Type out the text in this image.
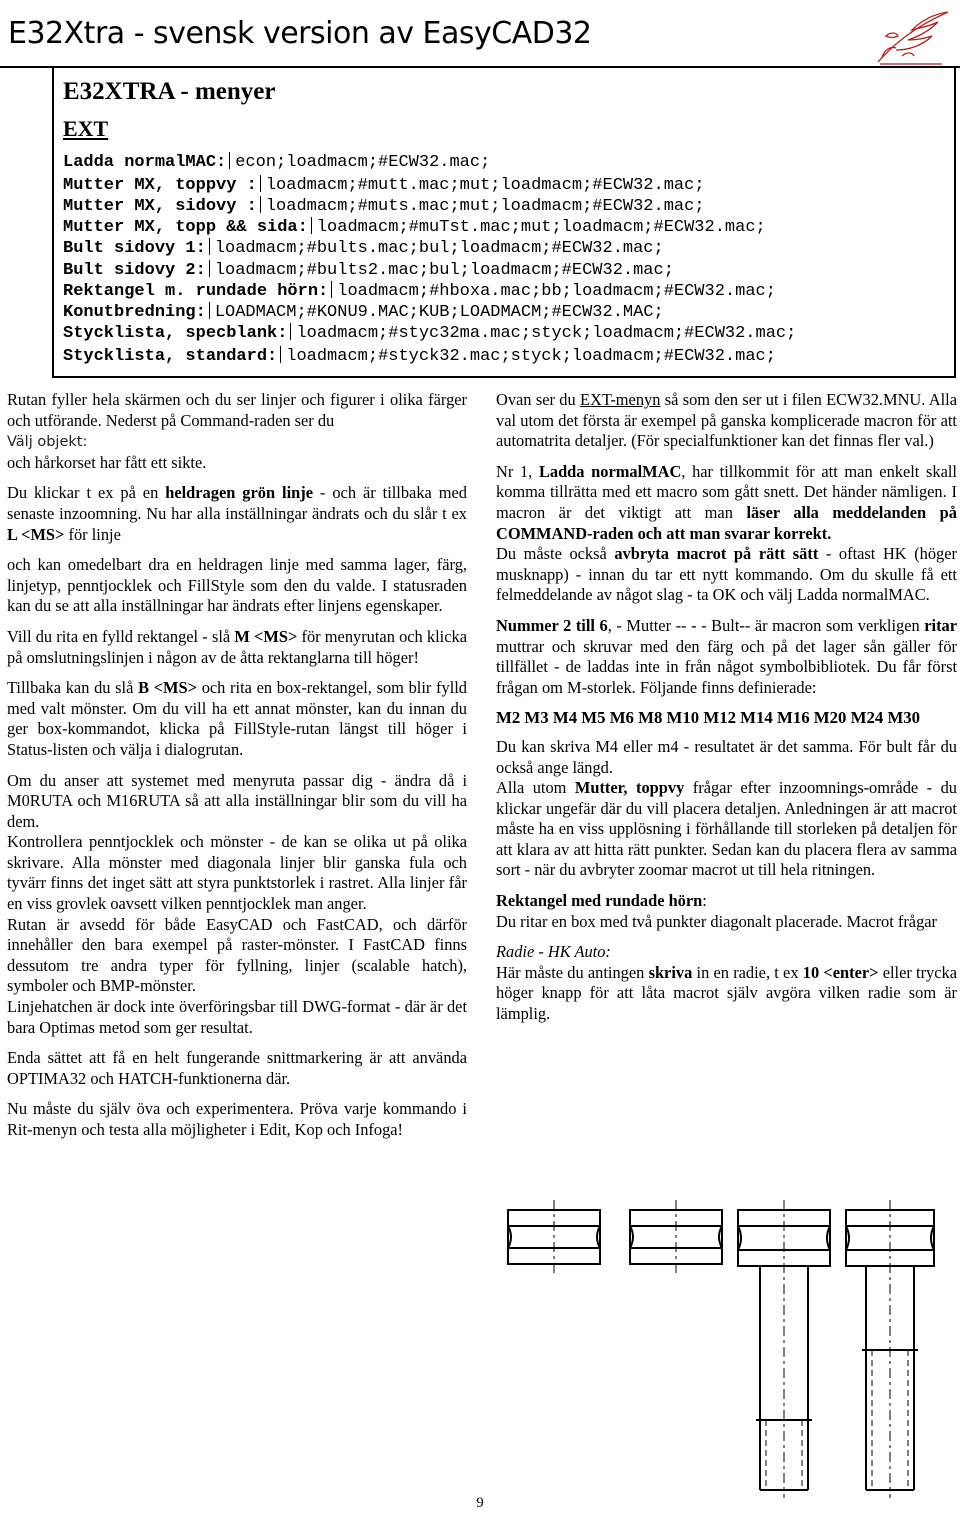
E32Xtra - svensk version av EasyCAD32
E32XTRA - menyer
EXT
Ladda normalMAC: econ;loadmacm;#ECW32.mac;
Mutter MX, toppvy : loadmacm;#mutt.mac;mut;loadmacm;#ECW32.mac;
Mutter MX, sidovy : loadmacm;#muts.mac;mut;loadmacm;#ECW32.mac;
Mutter MX, topp && sida: loadmacm;#muTst.mac;mut;loadmacm;#ECW32.mac;
Bult sidovy 1: loadmacm;#bults.mac;bul;loadmacm;#ECW32.mac;
Bult sidovy 2: loadmacm;#bults2.mac;bul;loadmacm;#ECW32.mac;
Rektangel m. rundade hörn: loadmacm;#hboxa.mac;bb;loadmacm;#ECW32.mac;
Konutbredning: LOADMACM;#KONU9.MAC;KUB;LOADMACM;#ECW32.MAC;
Stycklista, specblank: loadmacm;#styc32ma.mac;styck;loadmacm;#ECW32.mac;
Stycklista, standard: loadmacm;#styck32.mac;styck;loadmacm;#ECW32.mac;

Rutan fyller hela skärmen och du ser linjer och figurer i olika färger och utförande. Nederst på Command-raden ser du

Välj objekt:

och hårkorset har fått ett sikte.

Du klickar t ex på en heldragen grön linje - och är tillbaka med senaste inzoomning. Nu har alla inställningar ändrats och du slår t ex L <MS> för linje

och kan omedelbart dra en heldragen linje med samma lager, färg, linjetyp, penntjocklek och FillStyle som den du valde. I statusraden kan du se att alla inställningar har ändrats efter linjens egenskaper.

Vill du rita en fylld rektangel - slå M <MS> för menyrutan och klicka på omslutningslinjen i någon av de åtta rektanglarna till höger!

Tillbaka kan du slå B <MS> och rita en box-rektangel, som blir fylld med valt mönster. Om du vill ha ett annat mönster, kan du innan du ger box-kommandot, klicka på FillStyle-rutan längst till höger i Status-listen och välja i dialogrutan.

Om du anser att systemet med menyruta passar dig - ändra då i M0RUTA och M16RUTA så att alla inställningar blir som du vill ha dem.

Kontrollera penntjocklek och mönster - de kan se olika ut på olika skrivare. Alla mönster med diagonala linjer blir ganska fula och tyvärr finns det inget sätt att styra punktstorlek i rastret. Alla linjer får en viss grovlek oavsett vilken penntjocklek man anger.

Rutan är avsedd för både EasyCAD och FastCAD, och därför innehåller den bara exempel på raster-mönster. I FastCAD finns dessutom tre andra typer för fyllning, linjer (scalable hatch), symboler och BMP-mönster.

Linjehatchen är dock inte överföringsbar till DWG-format - där är det bara Optimas metod som ger resultat.

Enda sättet att få en helt fungerande snittmarkering är att använda OPTIMA32 och HATCH-funktionerna där.

Nu måste du själv öva och experimentera. Pröva varje kommando i Rit-menyn och testa alla möjligheter i Edit, Kop och Infoga!

Ovan ser du EXT-menyn så som den ser ut i filen ECW32.MNU. Alla val utom det första är exempel på ganska komplicerade macron för att automatrita detaljer. (För specialfunktioner kan det finnas fler val.)

Nr 1, Ladda normalMAC, har tillkommit för att man enkelt skall komma tillrätta med ett macro som gått snett. Det händer nämligen. I macron är det viktigt att man läser alla meddelanden på COMMAND-raden och att man svarar korrekt.

Du måste också avbryta macrot på rätt sätt - oftast HK (höger musknapp) - innan du tar ett nytt kommando. Om du skulle få ett felmeddelande av något slag - ta OK och välj Ladda normalMAC.

Nummer 2 till 6, - Mutter -- - - Bult-- är macron som verkligen ritar muttrar och skruvar med den färg och på det lager sån gäller för tillfället - de laddas inte in från något symbolbibliotek. Du får först frågan om M-storlek. Följande finns definierade:

M2 M3 M4 M5 M6 M8 M10 M12 M14 M16 M20 M24 M30

Du kan skriva M4 eller m4 - resultatet är det samma. För bult får du också ange längd.

Alla utom Mutter, toppvy frågar efter inzoomnings-område - du klickar ungefär där du vill placera detaljen. Anledningen är att macrot måste ha en viss upplösning i förhållande till storleken på detaljen för att klara av att hitta rätt punkter. Sedan kan du placera flera av samma sort - när du avbryter zoomar macrot ut till hela ritningen.

Rektangel med rundade hörn:

Du ritar en box med två punkter diagonalt placerade. Macrot frågar

Radie - HK Auto:

Här måste du antingen skriva in en radie, t ex 10 <enter> eller trycka höger knapp för att låta macrot själv avgöra vilken radie som är lämplig.

9
